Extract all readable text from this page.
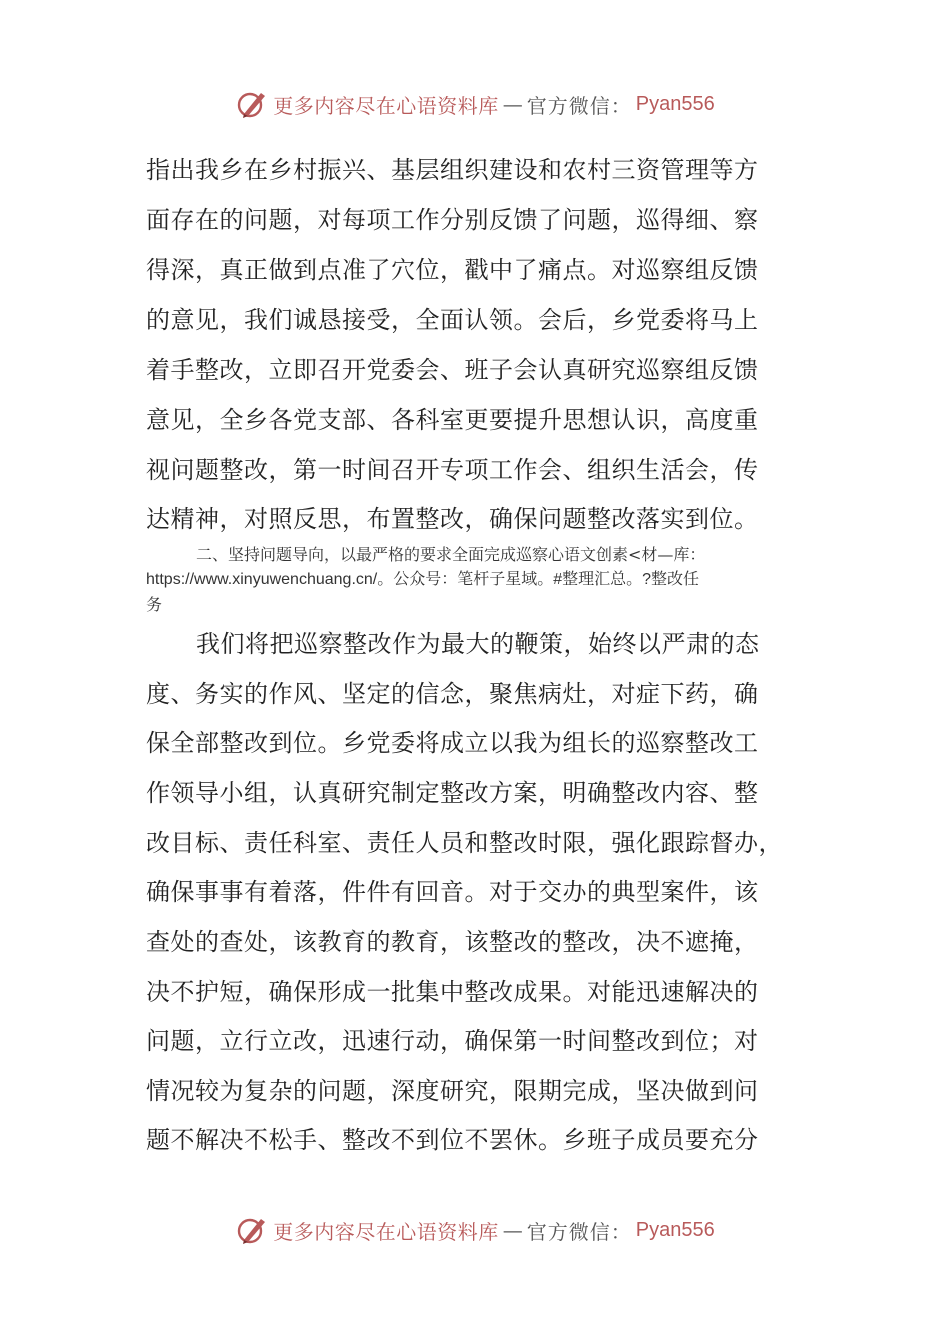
更多内容尽在心语资料库 — 官方微信： Pyan556
指出我乡在乡村振兴、基层组织建设和农村三资管理等方
面存在的问题，对每项工作分别反馈了问题，巡得细、察
得深，真正做到点准了穴位，戳中了痛点。对巡察组反馈
的意见，我们诚恳接受，全面认领。会后，乡党委将马上
着手整改，立即召开党委会、班子会认真研究巡察组反馈
意见，全乡各党支部、各科室更要提升思想认识，高度重
视问题整改，第一时间召开专项工作会、组织生活会，传
达精神，对照反思，布置整改，确保问题整改落实到位。
二、坚持问题导向，以最严格的要求全面完成巡察心语文创素<材—库：
https://www.xinyuwenchuang.cn/。公众号：笔杆子星域。#整理汇总。?整改任
务
我们将把巡察整改作为最大的鞭策，始终以严肃的态
度、务实的作风、坚定的信念，聚焦病灶，对症下药，确
保全部整改到位。乡党委将成立以我为组长的巡察整改工
作领导小组，认真研究制定整改方案，明确整改内容、整
改目标、责任科室、责任人员和整改时限，强化跟踪督办，
确保事事有着落，件件有回音。对于交办的典型案件，该
查处的查处，该教育的教育，该整改的整改，决不遮掩，
决不护短，确保形成一批集中整改成果。对能迅速解决的
问题，立行立改，迅速行动，确保第一时间整改到位；对
情况较为复杂的问题，深度研究，限期完成，坚决做到问
题不解决不松手、整改不到位不罢休。乡班子成员要充分
更多内容尽在心语资料库 — 官方微信： Pyan556
